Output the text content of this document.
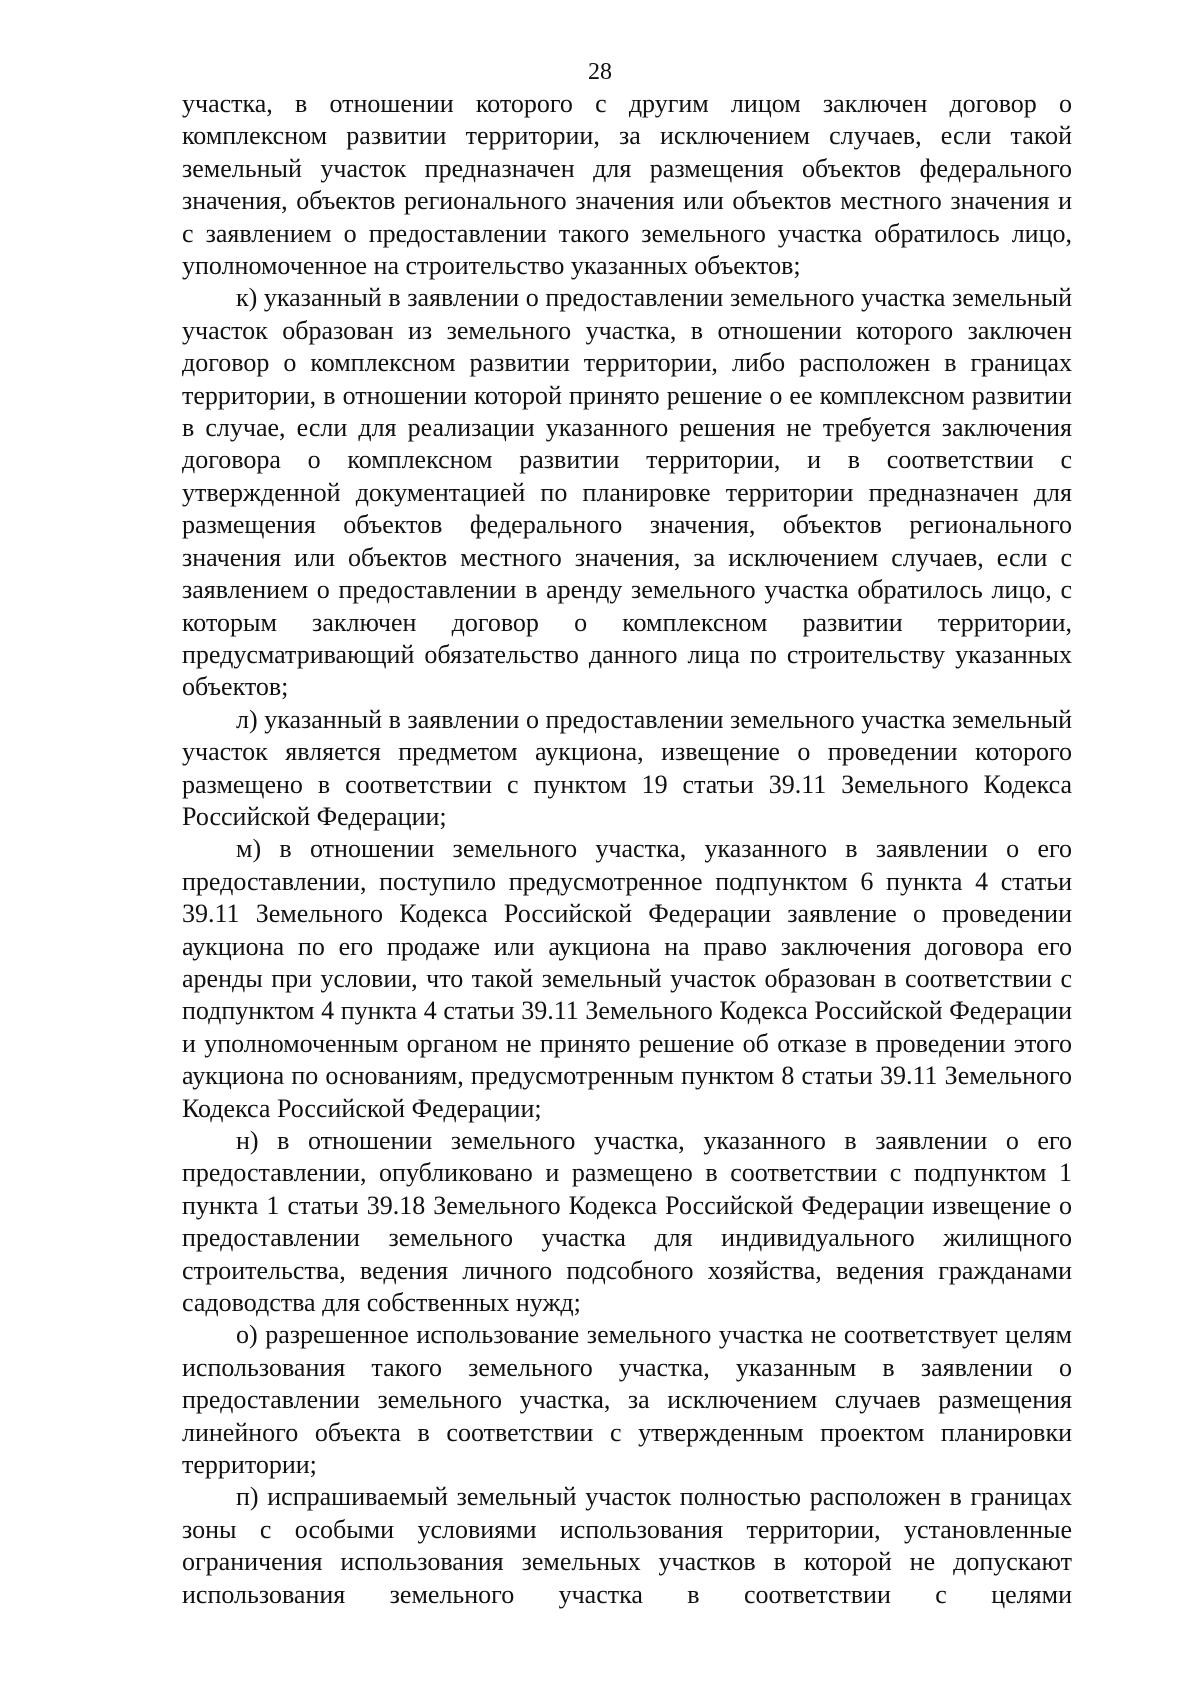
28

участка, в отношении которого с другим лицом заключен договор о комплексном развитии территории, за исключением случаев, если такой земельный участок предназначен для размещения объектов федерального значения, объектов регионального значения или объектов местного значения и с заявлением о предоставлении такого земельного участка обратилось лицо, уполномоченное на строительство указанных объектов;

к) указанный в заявлении о предоставлении земельного участка земельный участок образован из земельного участка, в отношении которого заключен договор о комплексном развитии территории, либо расположен в границах территории, в отношении которой принято решение о ее комплексном развитии в случае, если для реализации указанного решения не требуется заключения договора о комплексном развитии территории, и в соответствии с утвержденной документацией по планировке территории предназначен для размещения объектов федерального значения, объектов регионального значения или объектов местного значения, за исключением случаев, если с заявлением о предоставлении в аренду земельного участка обратилось лицо, с которым заключен договор о комплексном развитии территории, предусматривающий обязательство данного лица по строительству указанных объектов;

л) указанный в заявлении о предоставлении земельного участка земельный участок является предметом аукциона, извещение о проведении которого размещено в соответствии с пунктом 19 статьи 39.11 Земельного Кодекса Российской Федерации;

м) в отношении земельного участка, указанного в заявлении о его предоставлении, поступило предусмотренное подпунктом 6 пункта 4 статьи 39.11 Земельного Кодекса Российской Федерации заявление о проведении аукциона по его продаже или аукциона на право заключения договора его аренды при условии, что такой земельный участок образован в соответствии с подпунктом 4 пункта 4 статьи 39.11 Земельного Кодекса Российской Федерации и уполномоченным органом не принято решение об отказе в проведении этого аукциона по основаниям, предусмотренным пунктом 8 статьи 39.11 Земельного Кодекса Российской Федерации;

н) в отношении земельного участка, указанного в заявлении о его предоставлении, опубликовано и размещено в соответствии с подпунктом 1 пункта 1 статьи 39.18 Земельного Кодекса Российской Федерации извещение о предоставлении земельного участка для индивидуального жилищного строительства, ведения личного подсобного хозяйства, ведения гражданами садоводства для собственных нужд;

о) разрешенное использование земельного участка не соответствует целям использования такого земельного участка, указанным в заявлении о предоставлении земельного участка, за исключением случаев размещения линейного объекта в соответствии с утвержденным проектом планировки территории;

п) испрашиваемый земельный участок полностью расположен в границах зоны с особыми условиями использования территории, установленные ограничения использования земельных участков в которой не допускают использования земельного участка в соответствии с целями
